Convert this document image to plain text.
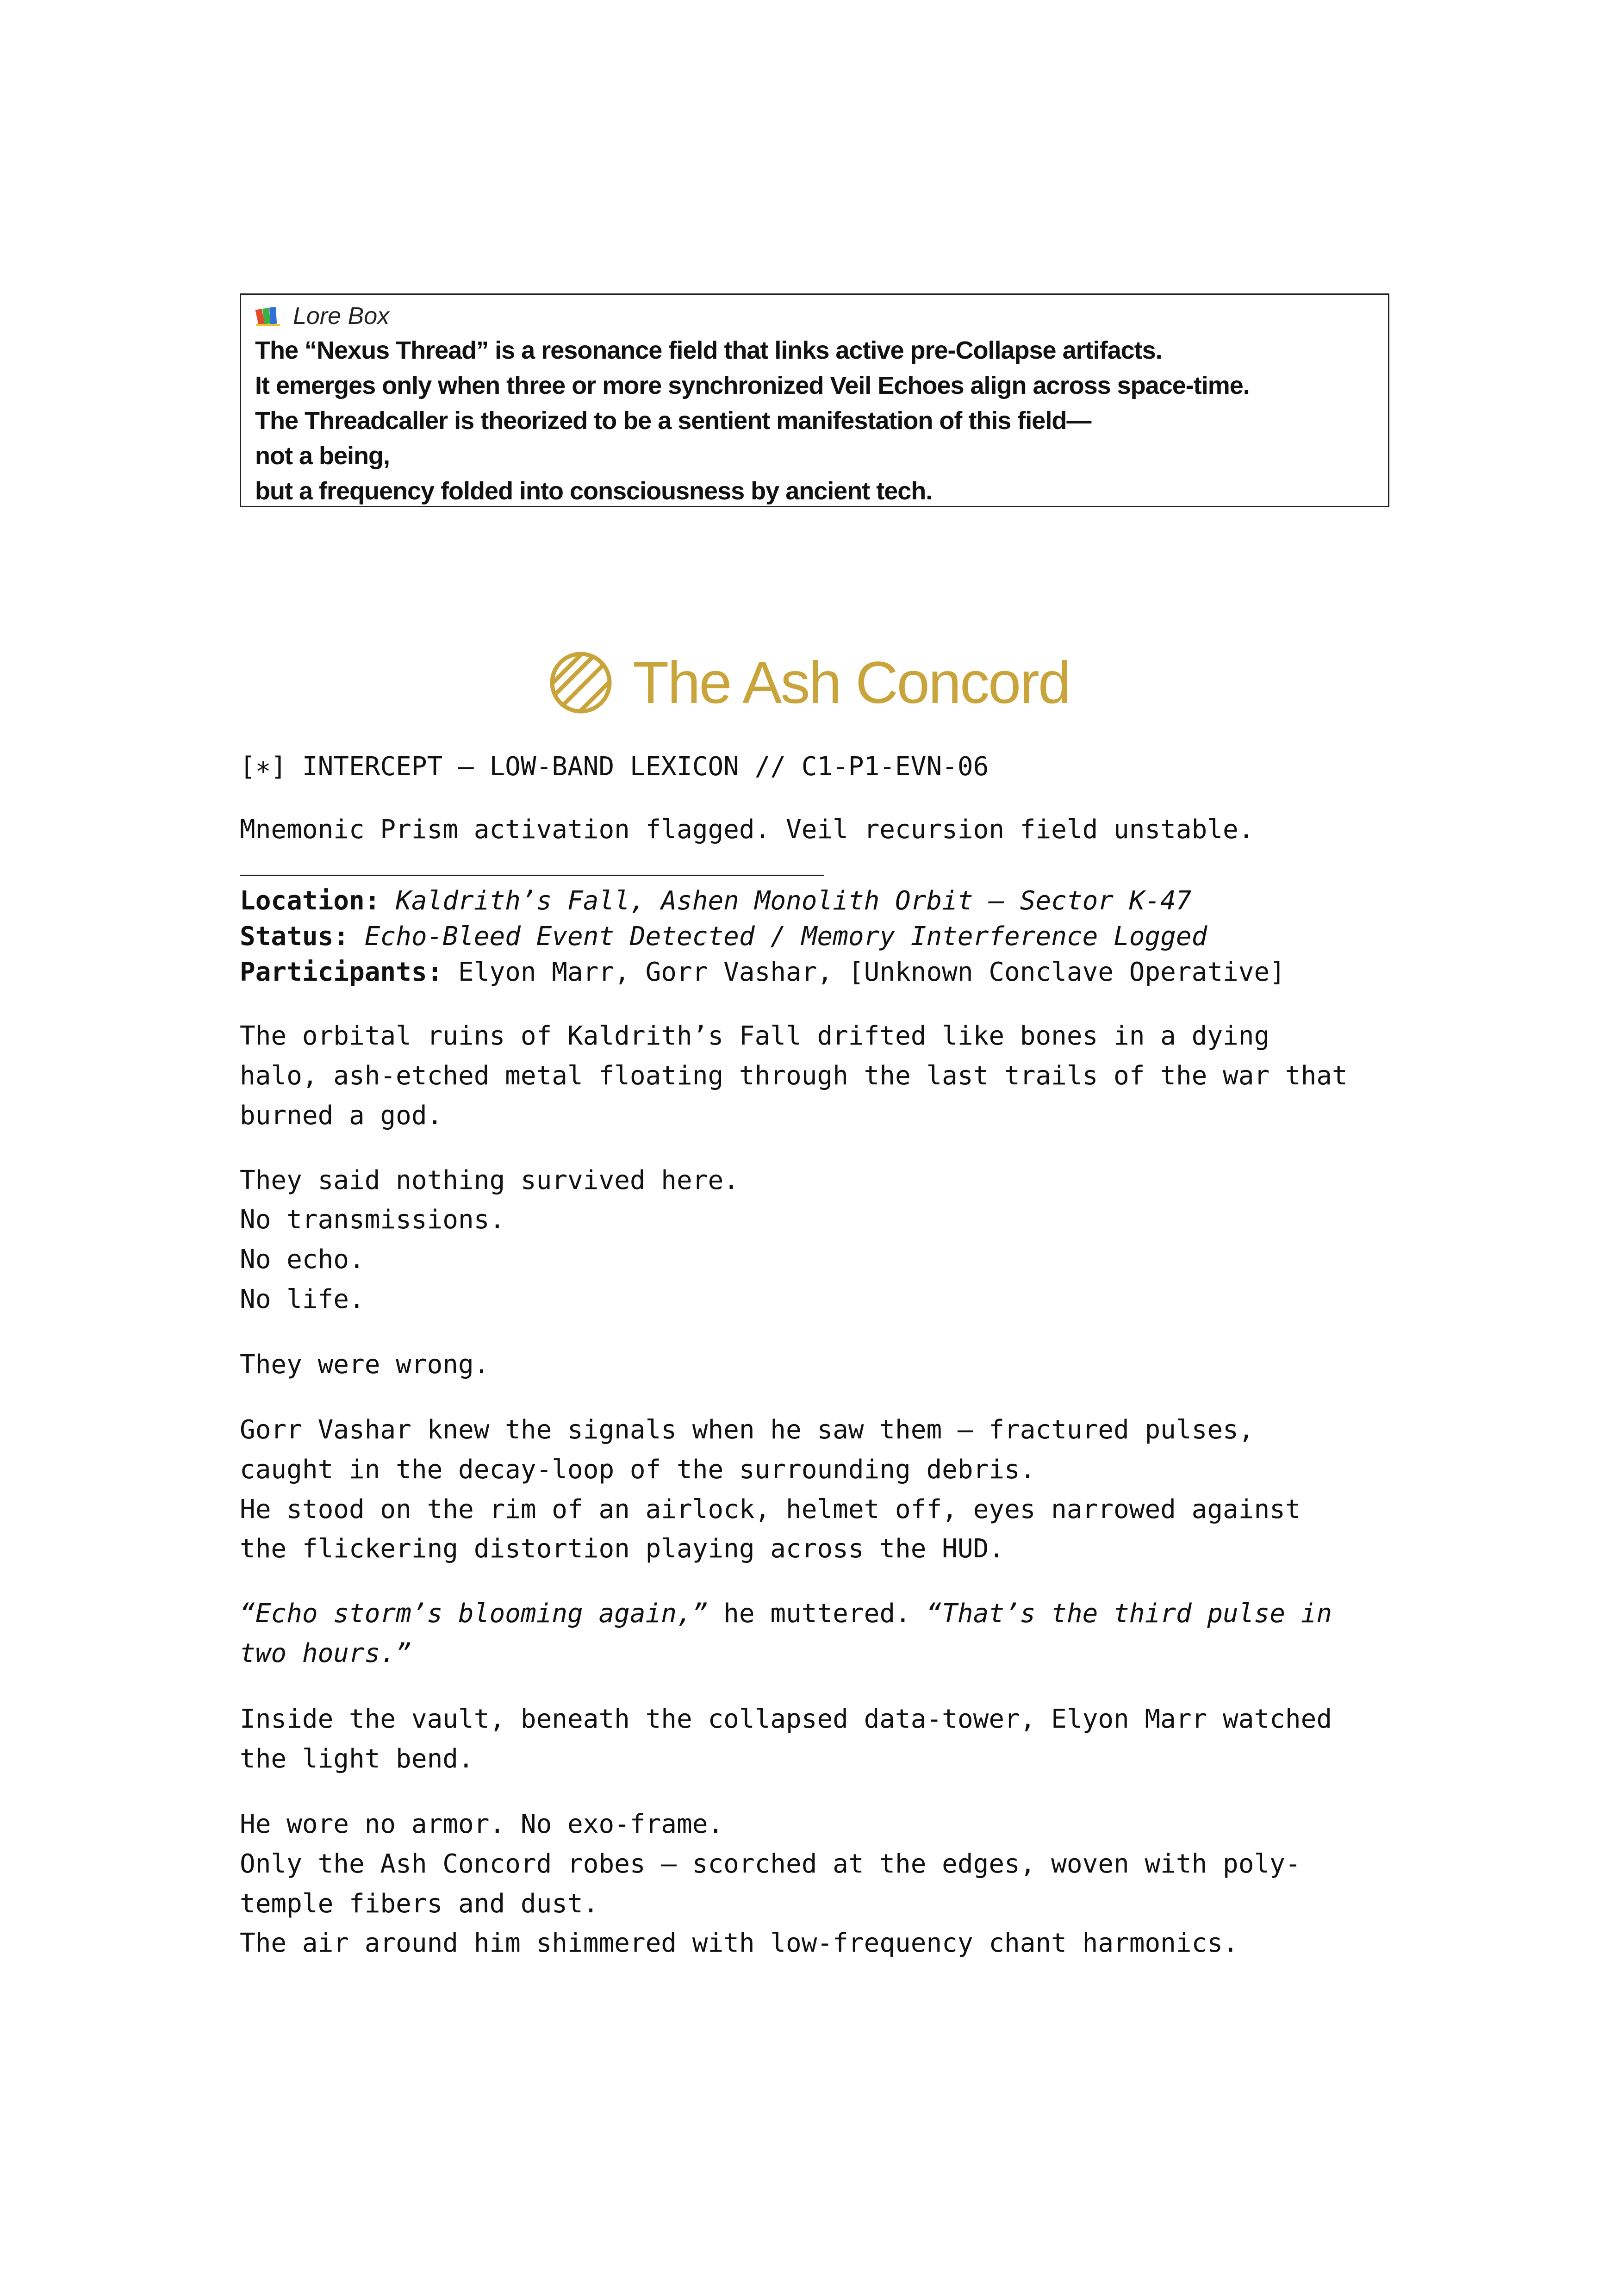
Lore Box
The “Nexus Thread” is a resonance field that links active pre-Collapse artifacts.
It emerges only when three or more synchronized Veil Echoes align across space-time.
The Threadcaller is theorized to be a sentient manifestation of this field—
not a being,
but a frequency folded into consciousness by ancient tech.
The Ash Concord
[∗] INTERCEPT — LOW-BAND LEXICON // C1-P1-EVN-06
Mnemonic Prism activation flagged. Veil recursion field unstable.
Location: Kaldrith’s Fall, Ashen Monolith Orbit – Sector K-47
Status: Echo-Bleed Event Detected / Memory Interference Logged
Participants: Elyon Marr, Gorr Vashar, [Unknown Conclave Operative]
The orbital ruins of Kaldrith’s Fall drifted like bones in a dying
halo, ash-etched metal floating through the last trails of the war that
burned a god.
They said nothing survived here.
No transmissions.
No echo.
No life.
They were wrong.
Gorr Vashar knew the signals when he saw them — fractured pulses,
caught in the decay-loop of the surrounding debris.
He stood on the rim of an airlock, helmet off, eyes narrowed against
the flickering distortion playing across the HUD.
“Echo storm’s blooming again,” he muttered. “That’s the third pulse in
two hours.”
Inside the vault, beneath the collapsed data-tower, Elyon Marr watched
the light bend.
He wore no armor. No exo-frame.
Only the Ash Concord robes — scorched at the edges, woven with poly-
temple fibers and dust.
The air around him shimmered with low-frequency chant harmonics.
